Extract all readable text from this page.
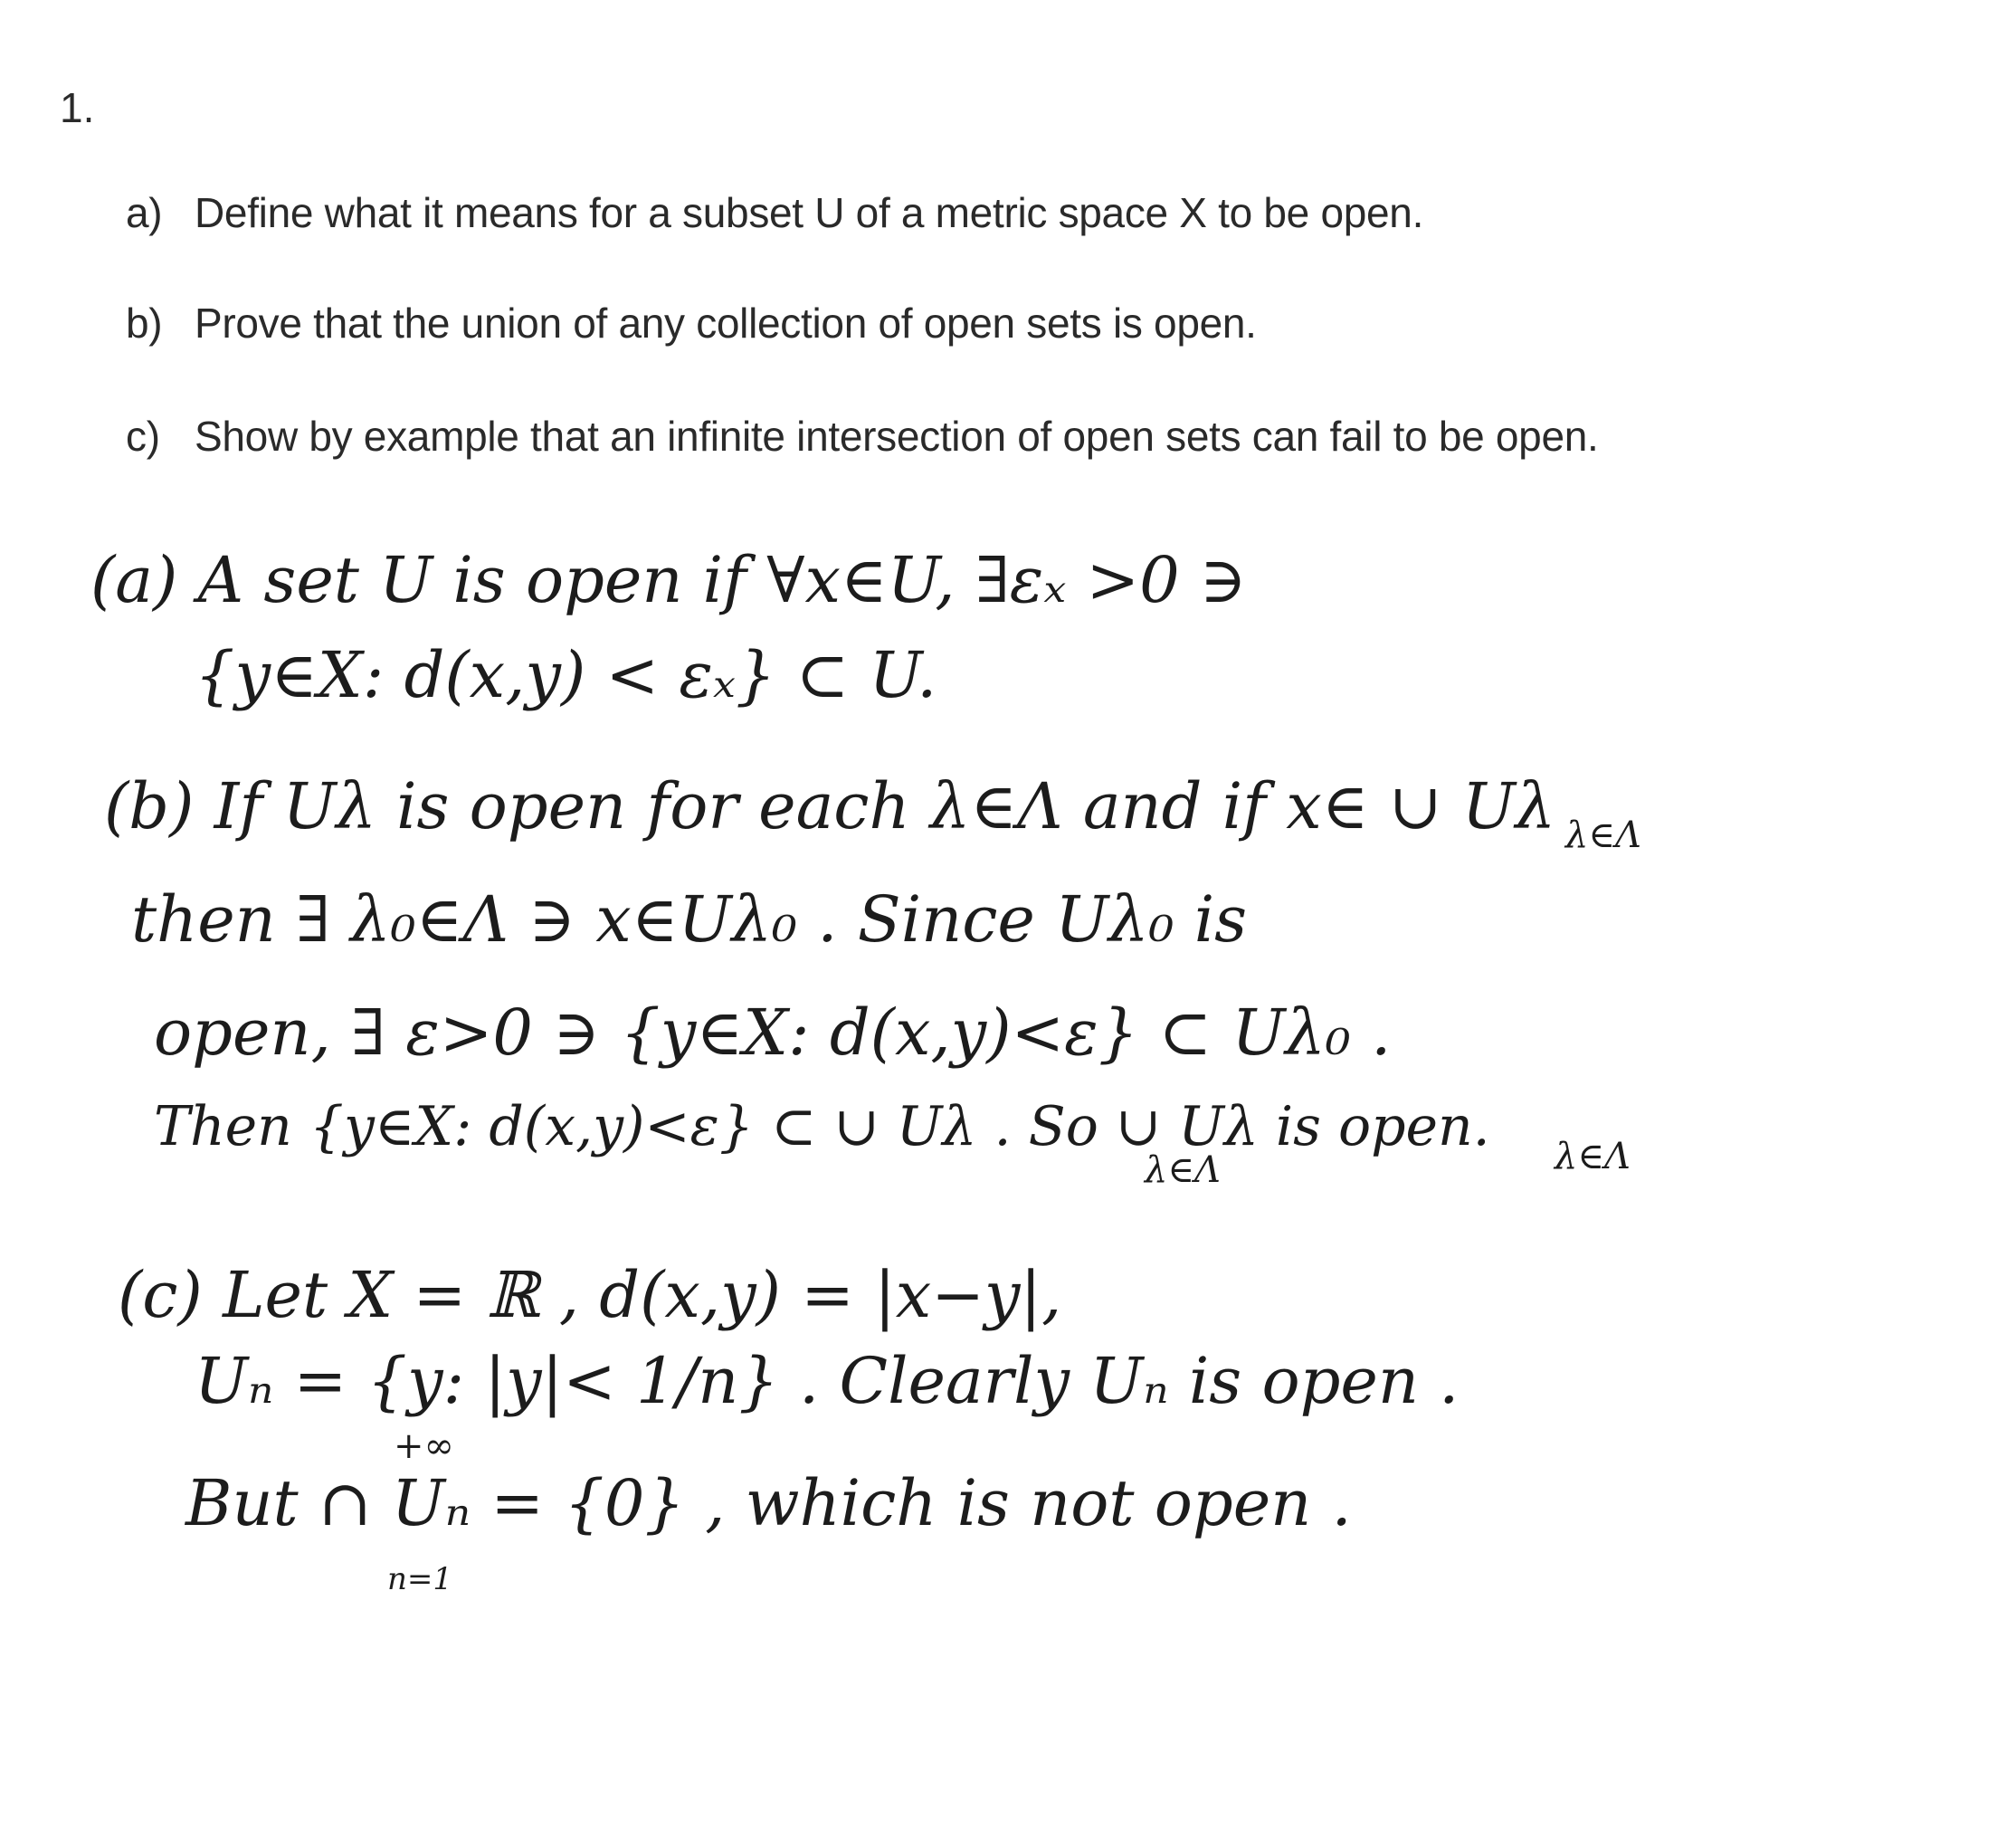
1.
a) Define what it means for a subset U of a metric space X to be open.
b) Prove that the union of any collection of open sets is open.
c) Show by example that an infinite intersection of open sets can fail to be open.
(a) A set U is open if ∀x∈U, ∃εₓ >0 ∋
{y∈X: d(x,y) < εₓ} ⊂ U.
(b) If Uλ is open for each λ∈Λ and if x∈ ∪ Uλ λ∈Λ
then ∃ λ₀∈Λ ∋ x∈Uλ₀ . Since Uλ₀ is
open, ∃ ε>0 ∋ {y∈X: d(x,y)<ε} ⊂ Uλ₀ .
Then {y∈X: d(x,y)<ε} ⊂ ∪ Uλ . So ∪ Uλ is open.
λ∈Λ	λ∈Λ
(c) Let X = ℝ , d(x,y) = |x−y|,
Uₙ = {y: |y|< 1/n} . Clearly Uₙ is open .
+∞
But ∩ Uₙ = {0} , which is not open .
n=1
